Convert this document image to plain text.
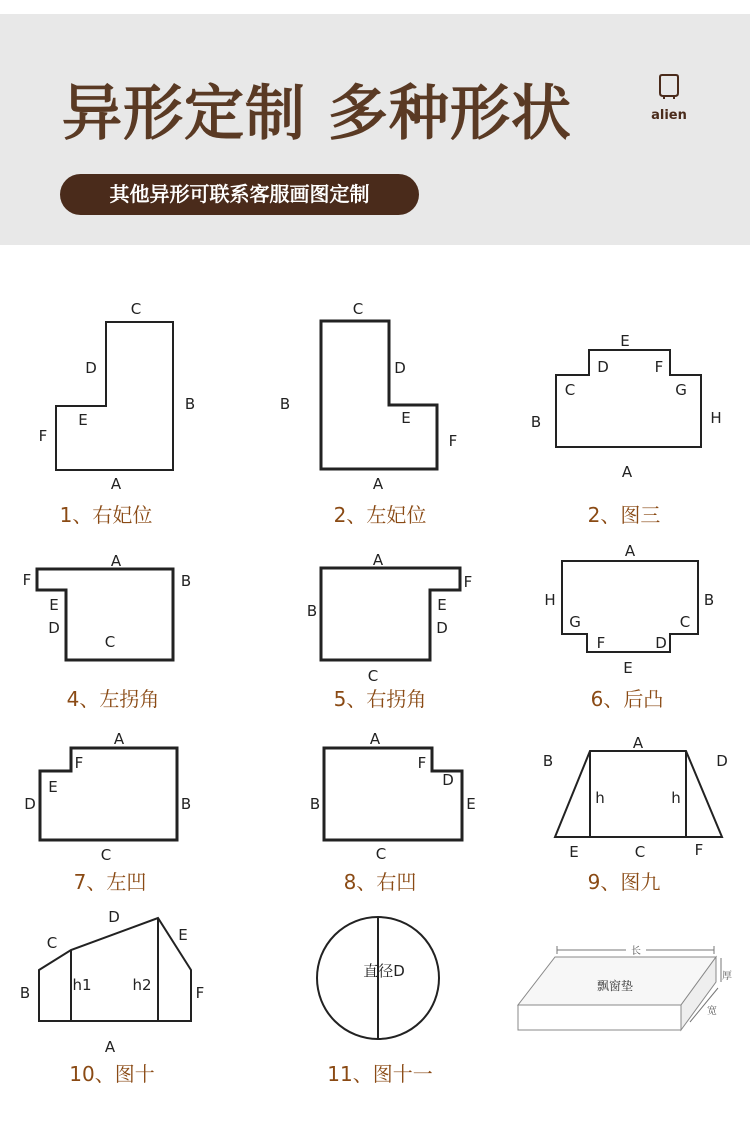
异形定制 多种形状
其他异形可联系客服画图定制
alien
C
D
B
E
F
A
1、右妃位
C
D
B
E
F
A
2、左妃位
E
D	F
C	G
B	H
A
2、图三
A
F	B
E
D
C
4、左拐角
A
F
B	E
D
C
5、右拐角
A
H	B
G	C
F	D
E
6、后凸
A
F
E
D	B
C
7、左凹
A
F
D
B	E
C
8、右凹
B
A
D
h	h
E	C	F
9、图九
D
C	E
h1	h2
B	F
A
10、图十
直径D
11、图十一
长
飘窗垫
厚
宽
